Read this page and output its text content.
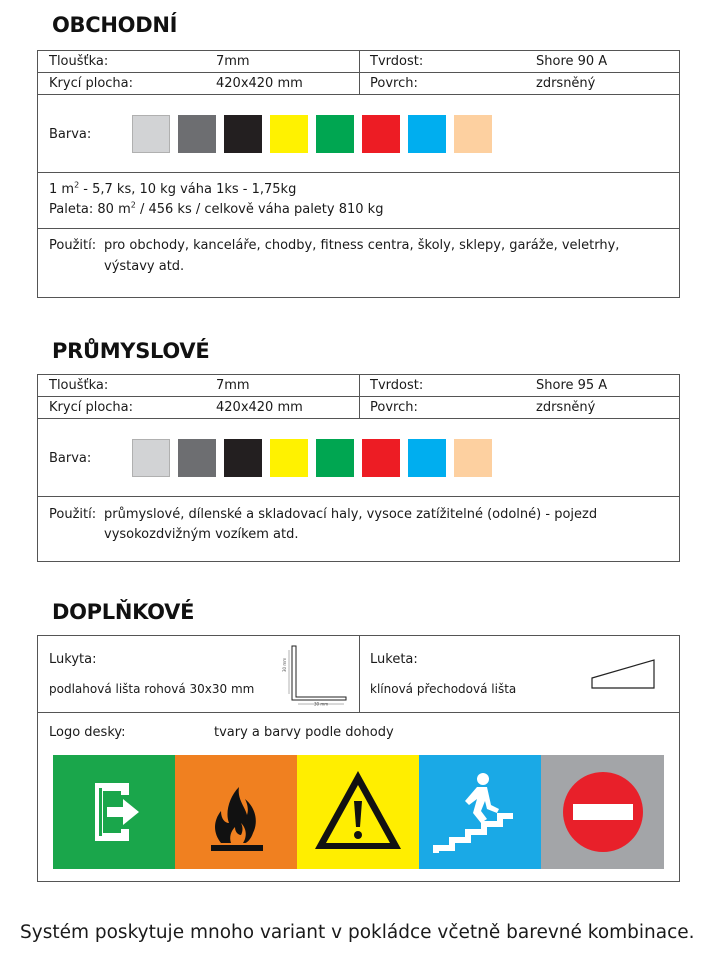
OBCHODNÍ
Tloušťka:	7mm	Tvrdost:	Shore 90 A
Krycí plocha:	420x420 mm	Povrch:	zdrsněný
Barva:
1 $m^2 - 5,7$ ks, 10 kg váha 1ks - 1,75kg
Paleta: 80 $m^2 / 456$ ks / celkově váha palety 810 kg
Použití: pro obchody, kanceláře, chodby, fitness centra, školy, sklepy, garáže, veletrhy,
výstavy atd.
PRŮMYSLOVÉ
Tloušťka:	7mm	Tvrdost:	Shore 95 A
Krycí plocha:	420x420 mm	Povrch:	zdrsněný
Barva:
Použití: průmyslové, dílenské a skladovací haly, vysoce zatížitelné (odolné) - pojezd
vysokozdvižným vozíkem atd.
DOPLŇKOVÉ
Lukyta:
podlahová lišta rohová 30x30 mm
30 mm
30 mm
Luketa:
klínová přechodová lišta
Logo desky:	tvary a barvy podle dohody
Systém poskytuje mnoho variant v pokládce včetně barevné kombinace.
